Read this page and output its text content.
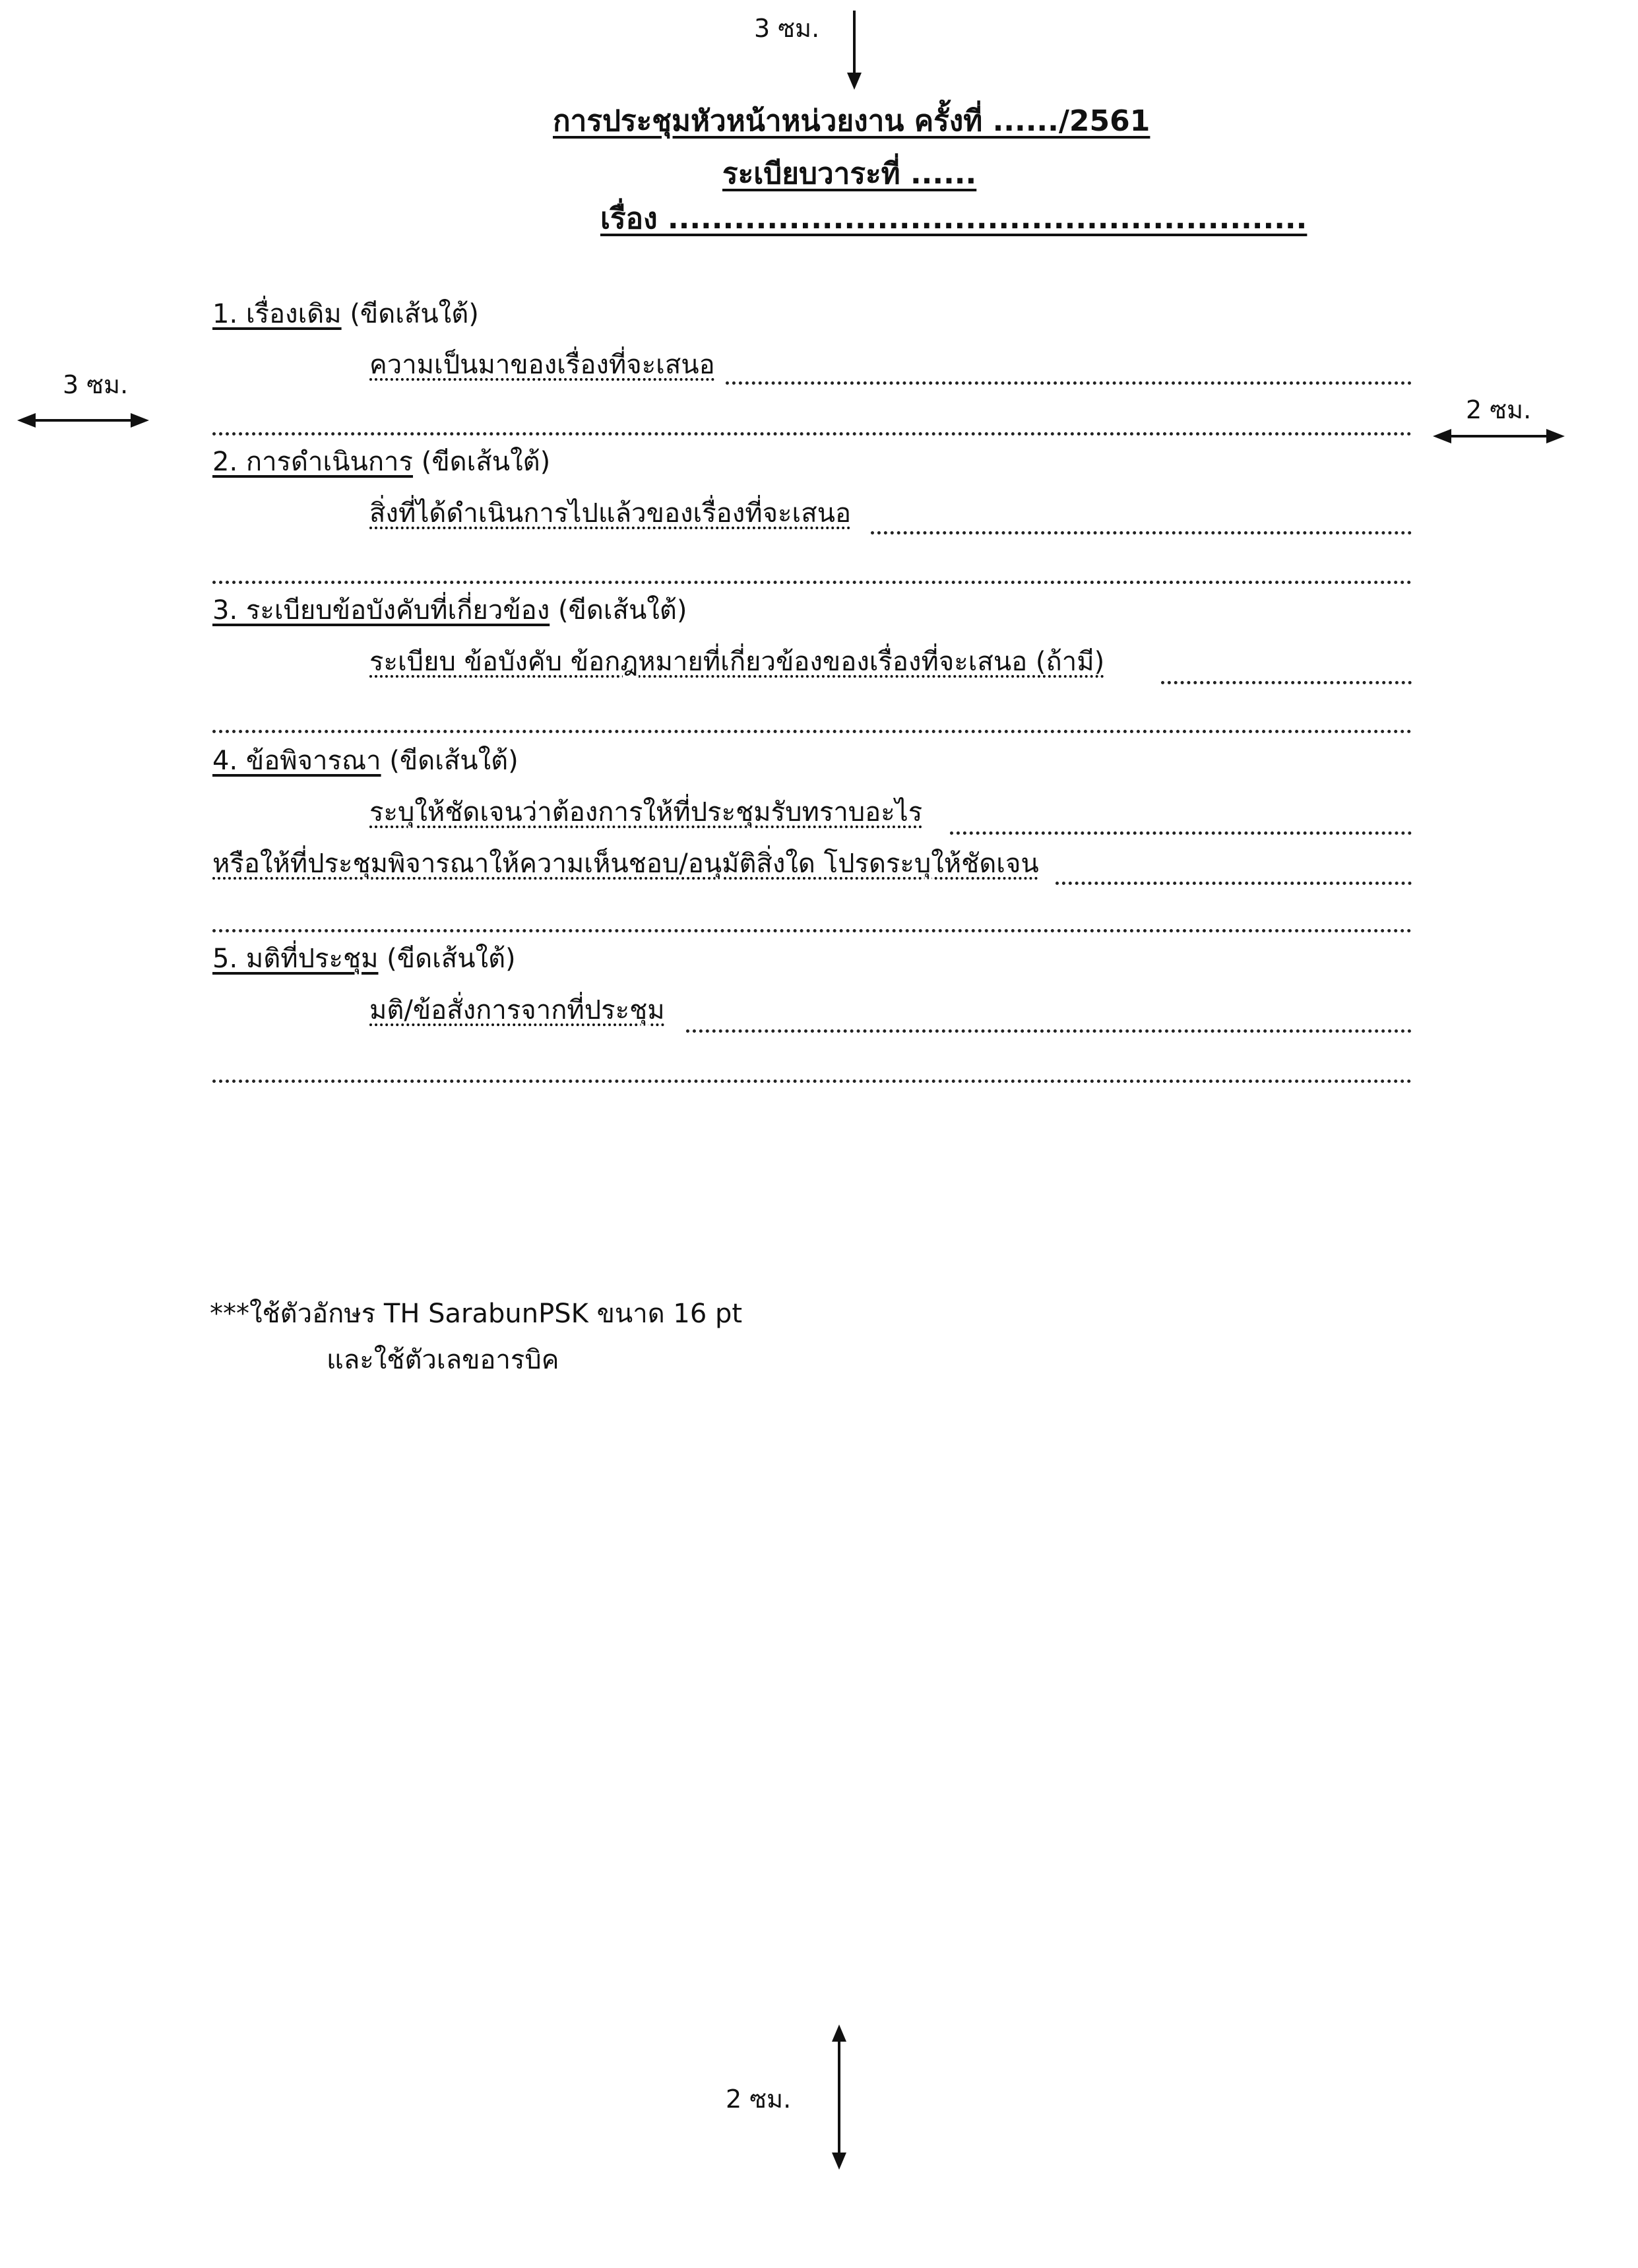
3 ซม.
3 ซม.
2 ซม.
2 ซม.
การประชุมหัวหน้าหน่วยงาน ครั้งที่ ....../2561
ระเบียบวาระที่ ......
เรื่อง ..........................................................
1. เรื่องเดิม (ขีดเส้นใต้)
ความเป็นมาของเรื่องที่จะเสนอ
2. การดำเนินการ (ขีดเส้นใต้)
สิ่งที่ได้ดำเนินการไปแล้วของเรื่องที่จะเสนอ
3. ระเบียบข้อบังคับที่เกี่ยวข้อง (ขีดเส้นใต้)
ระเบียบ ข้อบังคับ ข้อกฎหมายที่เกี่ยวข้องของเรื่องที่จะเสนอ (ถ้ามี)
4. ข้อพิจารณา (ขีดเส้นใต้)
ระบุให้ชัดเจนว่าต้องการให้ที่ประชุมรับทราบอะไร
หรือให้ที่ประชุมพิจารณาให้ความเห็นชอบ/อนุมัติสิ่งใด โปรดระบุให้ชัดเจน
5. มติที่ประชุม (ขีดเส้นใต้)
มติ/ข้อสั่งการจากที่ประชุม
***ใช้ตัวอักษร TH SarabunPSK ขนาด 16 pt
และใช้ตัวเลขอารบิค
